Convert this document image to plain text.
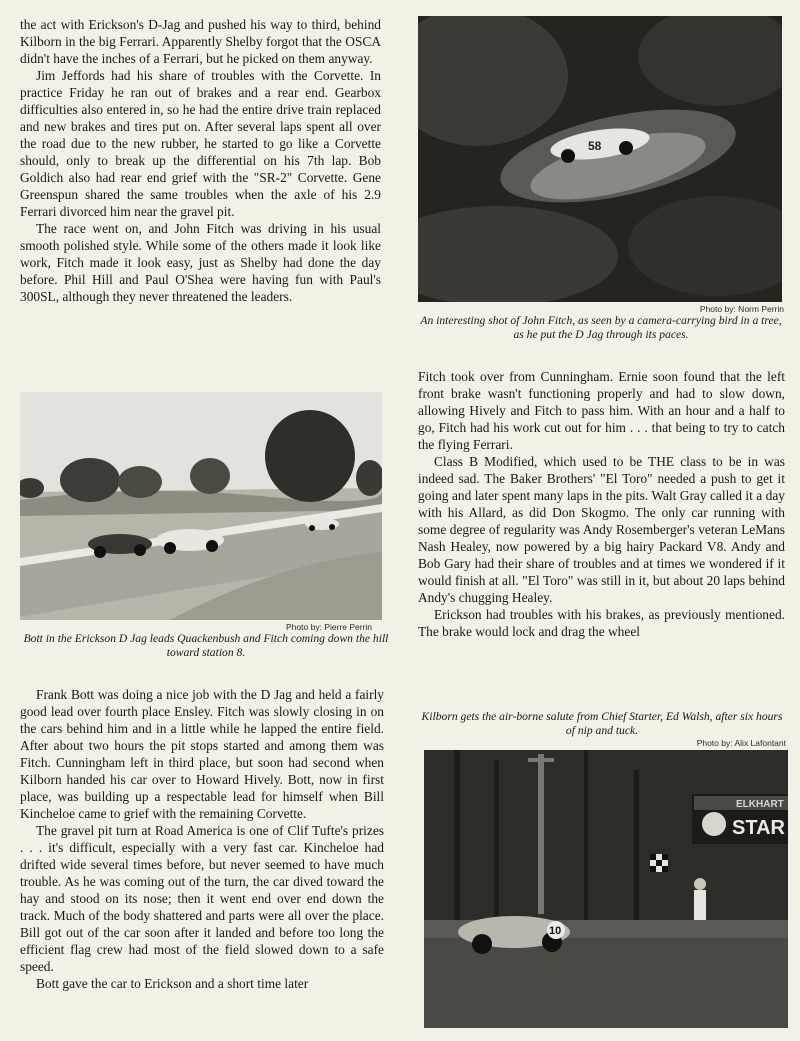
the act with Erickson's D-Jag and pushed his way to third, behind Kilborn in the big Ferrari. Apparently Shelby forgot that the OSCA didn't have the inches of a Ferrari, but he picked on them anyway.

Jim Jeffords had his share of troubles with the Corvette. In practice Friday he ran out of brakes and a rear end. Gearbox difficulties also entered in, so he had the entire drive train replaced and new brakes and tires put on. After several laps spent all over the road due to the new rubber, he started to go like a Corvette should, only to break up the differential on his 7th lap. Bob Goldich also had rear end grief with the "SR-2" Corvette. Gene Greenspun shared the same troubles when the axle of his 2.9 Ferrari divorced him near the gravel pit.

The race went on, and John Fitch was driving in his usual smooth polished style. While some of the others made it look like work, Fitch made it look easy, just as Shelby had done the day before. Phil Hill and Paul O'Shea were having fun with Paul's 300SL, although they never threatened the leaders.

Photo by: Pierre Perrin
Bott in the Erickson D Jag leads Quackenbush and Fitch coming down the hill toward station 8.

Frank Bott was doing a nice job with the D Jag and held a fairly good lead over fourth place Ensley. Fitch was slowly closing in on the cars behind him and in a little while he lapped the entire field. After about two hours the pit stops started and among them was Fitch. Cunningham left in third place, but soon had second when Kilborn handed his car over to Howard Hively. Bott, now in first place, was building up a respectable lead for himself when Bill Kincheloe came to grief with the remaining Corvette.

The gravel pit turn at Road America is one of Clif Tufte's prizes . . . it's difficult, especially with a very fast car. Kincheloe had drifted wide several times before, but never seemed to have much trouble. As he was coming out of the turn, the car dived toward the hay and stood on its nose; then it went end over end down the track. Much of the body shattered and parts were all over the place. Bill got out of the car soon after it landed and before too long the efficient flag crew had most of the field slowed down to a safe speed.

Bott gave the car to Erickson and a short time later

58
Photo by: Norm Perrin
An interesting shot of John Fitch, as seen by a camera-carrying bird in a tree, as he put the D Jag through its paces.

Fitch took over from Cunningham. Ernie soon found that the left front brake wasn't functioning properly and had to slow down, allowing Hively and Fitch to pass him. With an hour and a half to go, Fitch had his work cut out for him . . . that being to try to catch the flying Ferrari.

Class B Modified, which used to be THE class to be in was indeed sad. The Baker Brothers' "El Toro" needed a push to get it going and later spent many laps in the pits. Walt Gray called it a day with his Allard, as did Don Skogmo. The only car running with some degree of regularity was Andy Rosemberger's veteran LeMans Nash Healey, now powered by a big hairy Packard V8. Andy and Bob Gary had their share of troubles and at times we wondered if it would finish at all. "El Toro" was still in it, but about 20 laps behind Andy's chugging Healey.

Erickson had troubles with his brakes, as previously mentioned. The brake would lock and drag the wheel

Kilborn gets the air-borne salute from Chief Starter, Ed Walsh, after six hours of nip and tuck.
Photo by: Alix Lafontant
ELKHART
STAR
10
